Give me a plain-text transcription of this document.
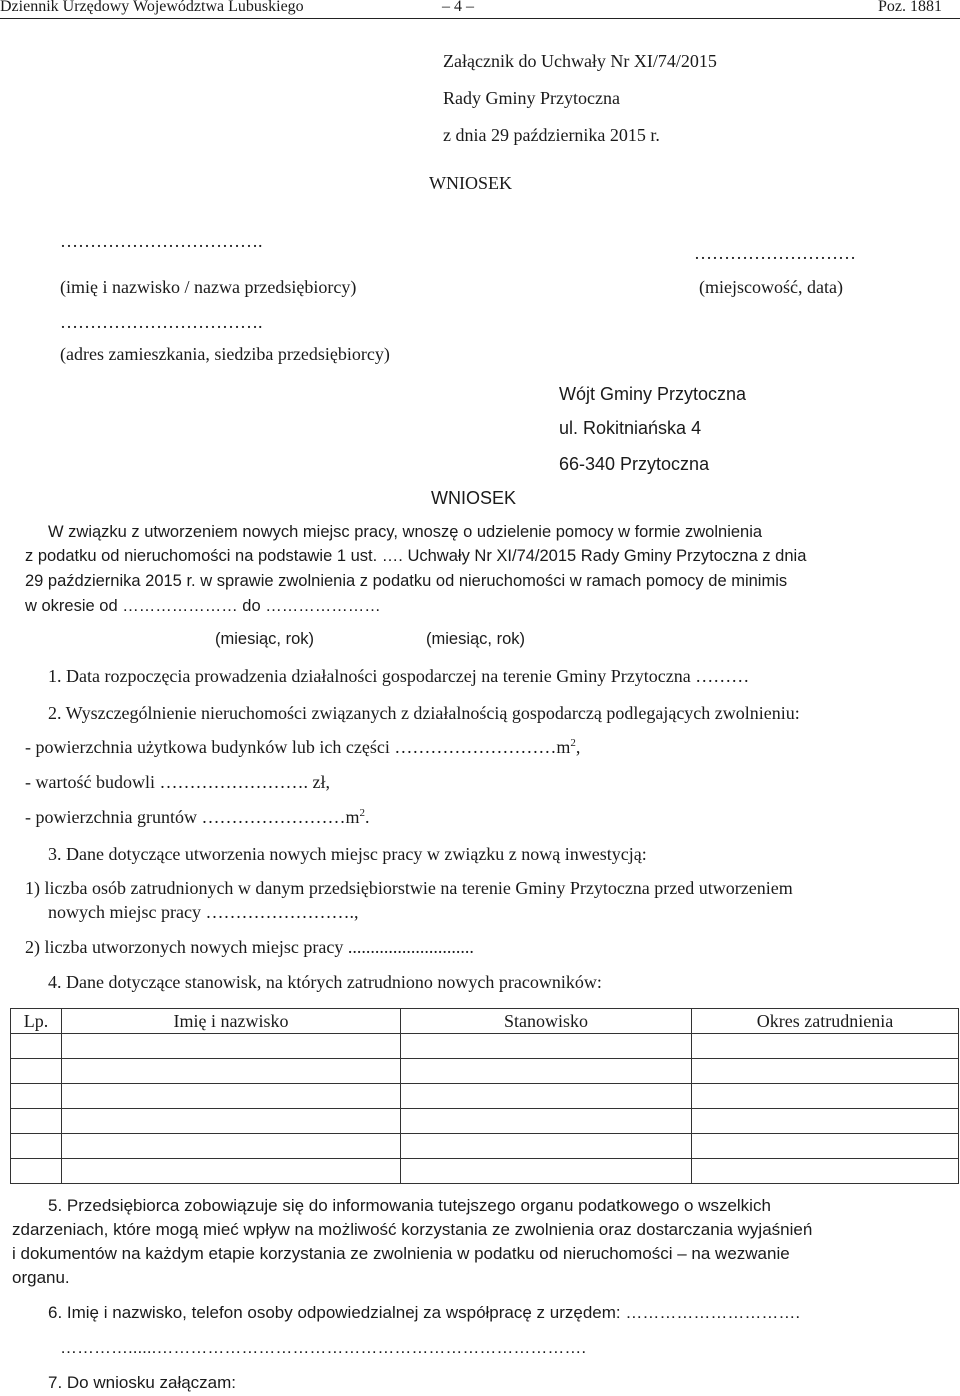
Dziennik Urzędowy Województwa Lubuskiego	– 4 –	Poz. 1881
Załącznik do Uchwały Nr XI/74/2015
Rady Gminy Przytoczna
z dnia 29 października 2015 r.
WNIOSEK
…………………………….
(imię i nazwisko / nazwa przedsiębiorcy)
…………………………….
(adres zamieszkania, siedziba przedsiębiorcy)
………………………
(miejscowość, data)
Wójt Gminy Przytoczna
ul. Rokitniańska 4
66-340 Przytoczna
WNIOSEK
W związku z utworzeniem nowych miejsc pracy, wnoszę o udzielenie pomocy w formie zwolnienia
z podatku od nieruchomości na podstawie 1 ust. …. Uchwały Nr XI/74/2015 Rady Gminy Przytoczna z dnia
29 października 2015 r. w sprawie zwolnienia z podatku od nieruchomości w ramach pomocy de minimis
w okresie od ………………… do …………………
(miesiąc, rok)	(miesiąc, rok)
1. Data rozpoczęcia prowadzenia działalności gospodarczej na terenie Gminy Przytoczna ………
2. Wyszczególnienie nieruchomości związanych z działalnością gospodarczą podlegających zwolnieniu:
- powierzchnia użytkowa budynków lub ich części $\dots\dots\dots\dots\dots\dots\dots\dots\dots m^2$,
- wartość budowli ……………………. zł,
- powierzchnia gruntów $\dots\dots\dots\dots\dots\dots\dots\dots m^2$.
3. Dane dotyczące utworzenia nowych miejsc pracy w związku z nową inwestycją:
1) liczba osób zatrudnionych w danym przedsiębiorstwie na terenie Gminy Przytoczna przed utworzeniem
nowych miejsc pracy …………………….,
2) liczba utworzonych nowych miejsc pracy ............................
4. Dane dotyczące stanowisk, na których zatrudniono nowych pracowników:
Lp.	Imię i nazwisko	Stanowisko	Okres zatrudnienia

5. Przedsiębiorca zobowiązuje się do informowania tutejszego organu podatkowego o wszelkich
zdarzeniach, które mogą mieć wpływ na możliwość korzystania ze zwolnienia oraz dostarczania wyjaśnień
i dokumentów na każdym etapie korzystania ze zwolnienia w podatku od nieruchomości – na wezwanie
organu.
6. Imię i nazwisko, telefon osoby odpowiedzialnej za współpracę z urzędem: ………………………….
…………......………………………………………………………………….
7. Do wniosku załączam:
